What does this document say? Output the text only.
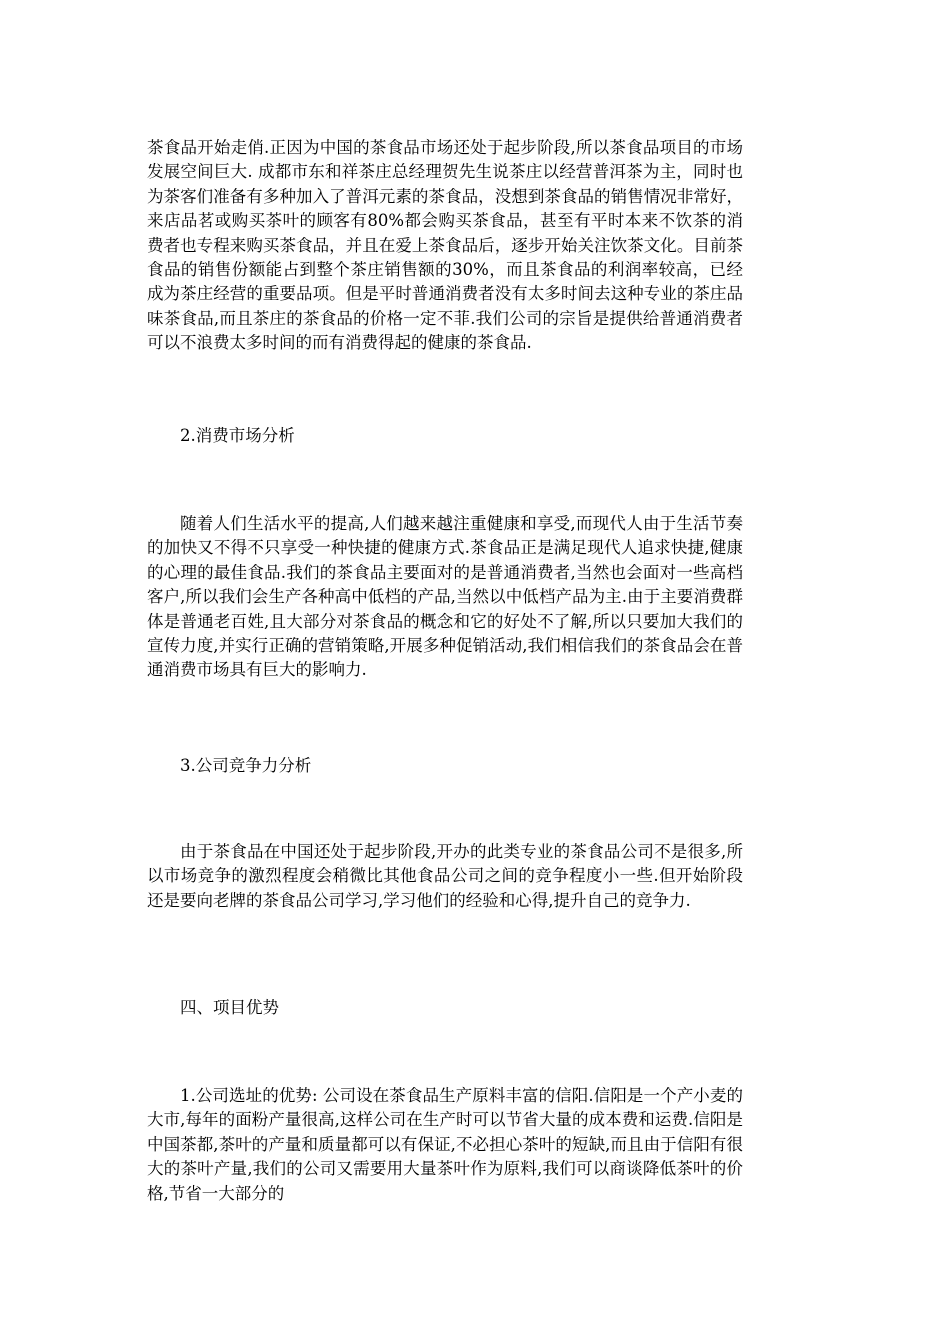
茶食品开始走俏.正因为中国的茶食品市场还处于起步阶段,所以茶食品项目的市场发展空间巨大. 成都市东和祥茶庄总经理贺先生说茶庄以经营普洱茶为主，同时也为茶客们准备有多种加入了普洱元素的茶食品，没想到茶食品的销售情况非常好，来店品茗或购买茶叶的顾客有80%都会购买茶食品，甚至有平时本来不饮茶的消费者也专程来购买茶食品，并且在爱上茶食品后，逐步开始关注饮茶文化。目前茶食品的销售份额能占到整个茶庄销售额的30%，而且茶食品的利润率较高，已经成为茶庄经营的重要品项。但是平时普通消费者没有太多时间去这种专业的茶庄品味茶食品,而且茶庄的茶食品的价格一定不菲.我们公司的宗旨是提供给普通消费者可以不浪费太多时间的而有消费得起的健康的茶食品.

2.消费市场分析

随着人们生活水平的提高,人们越来越注重健康和享受,而现代人由于生活节奏的加快又不得不只享受一种快捷的健康方式.茶食品正是满足现代人追求快捷,健康的心理的最佳食品.我们的茶食品主要面对的是普通消费者,当然也会面对一些高档客户,所以我们会生产各种高中低档的产品,当然以中低档产品为主.由于主要消费群体是普通老百姓,且大部分对茶食品的概念和它的好处不了解,所以只要加大我们的宣传力度,并实行正确的营销策略,开展多种促销活动,我们相信我们的茶食品会在普通消费市场具有巨大的影响力.

3.公司竞争力分析

由于茶食品在中国还处于起步阶段,开办的此类专业的茶食品公司不是很多,所以市场竞争的激烈程度会稍微比其他食品公司之间的竞争程度小一些.但开始阶段还是要向老牌的茶食品公司学习,学习他们的经验和心得,提升自己的竞争力.

四、项目优势

1.公司选址的优势: 公司设在茶食品生产原料丰富的信阳.信阳是一个产小麦的大市,每年的面粉产量很高,这样公司在生产时可以节省大量的成本费和运费.信阳是中国茶都,茶叶的产量和质量都可以有保证,不必担心茶叶的短缺,而且由于信阳有很大的茶叶产量,我们的公司又需要用大量茶叶作为原料,我们可以商谈降低茶叶的价格,节省一大部分的
